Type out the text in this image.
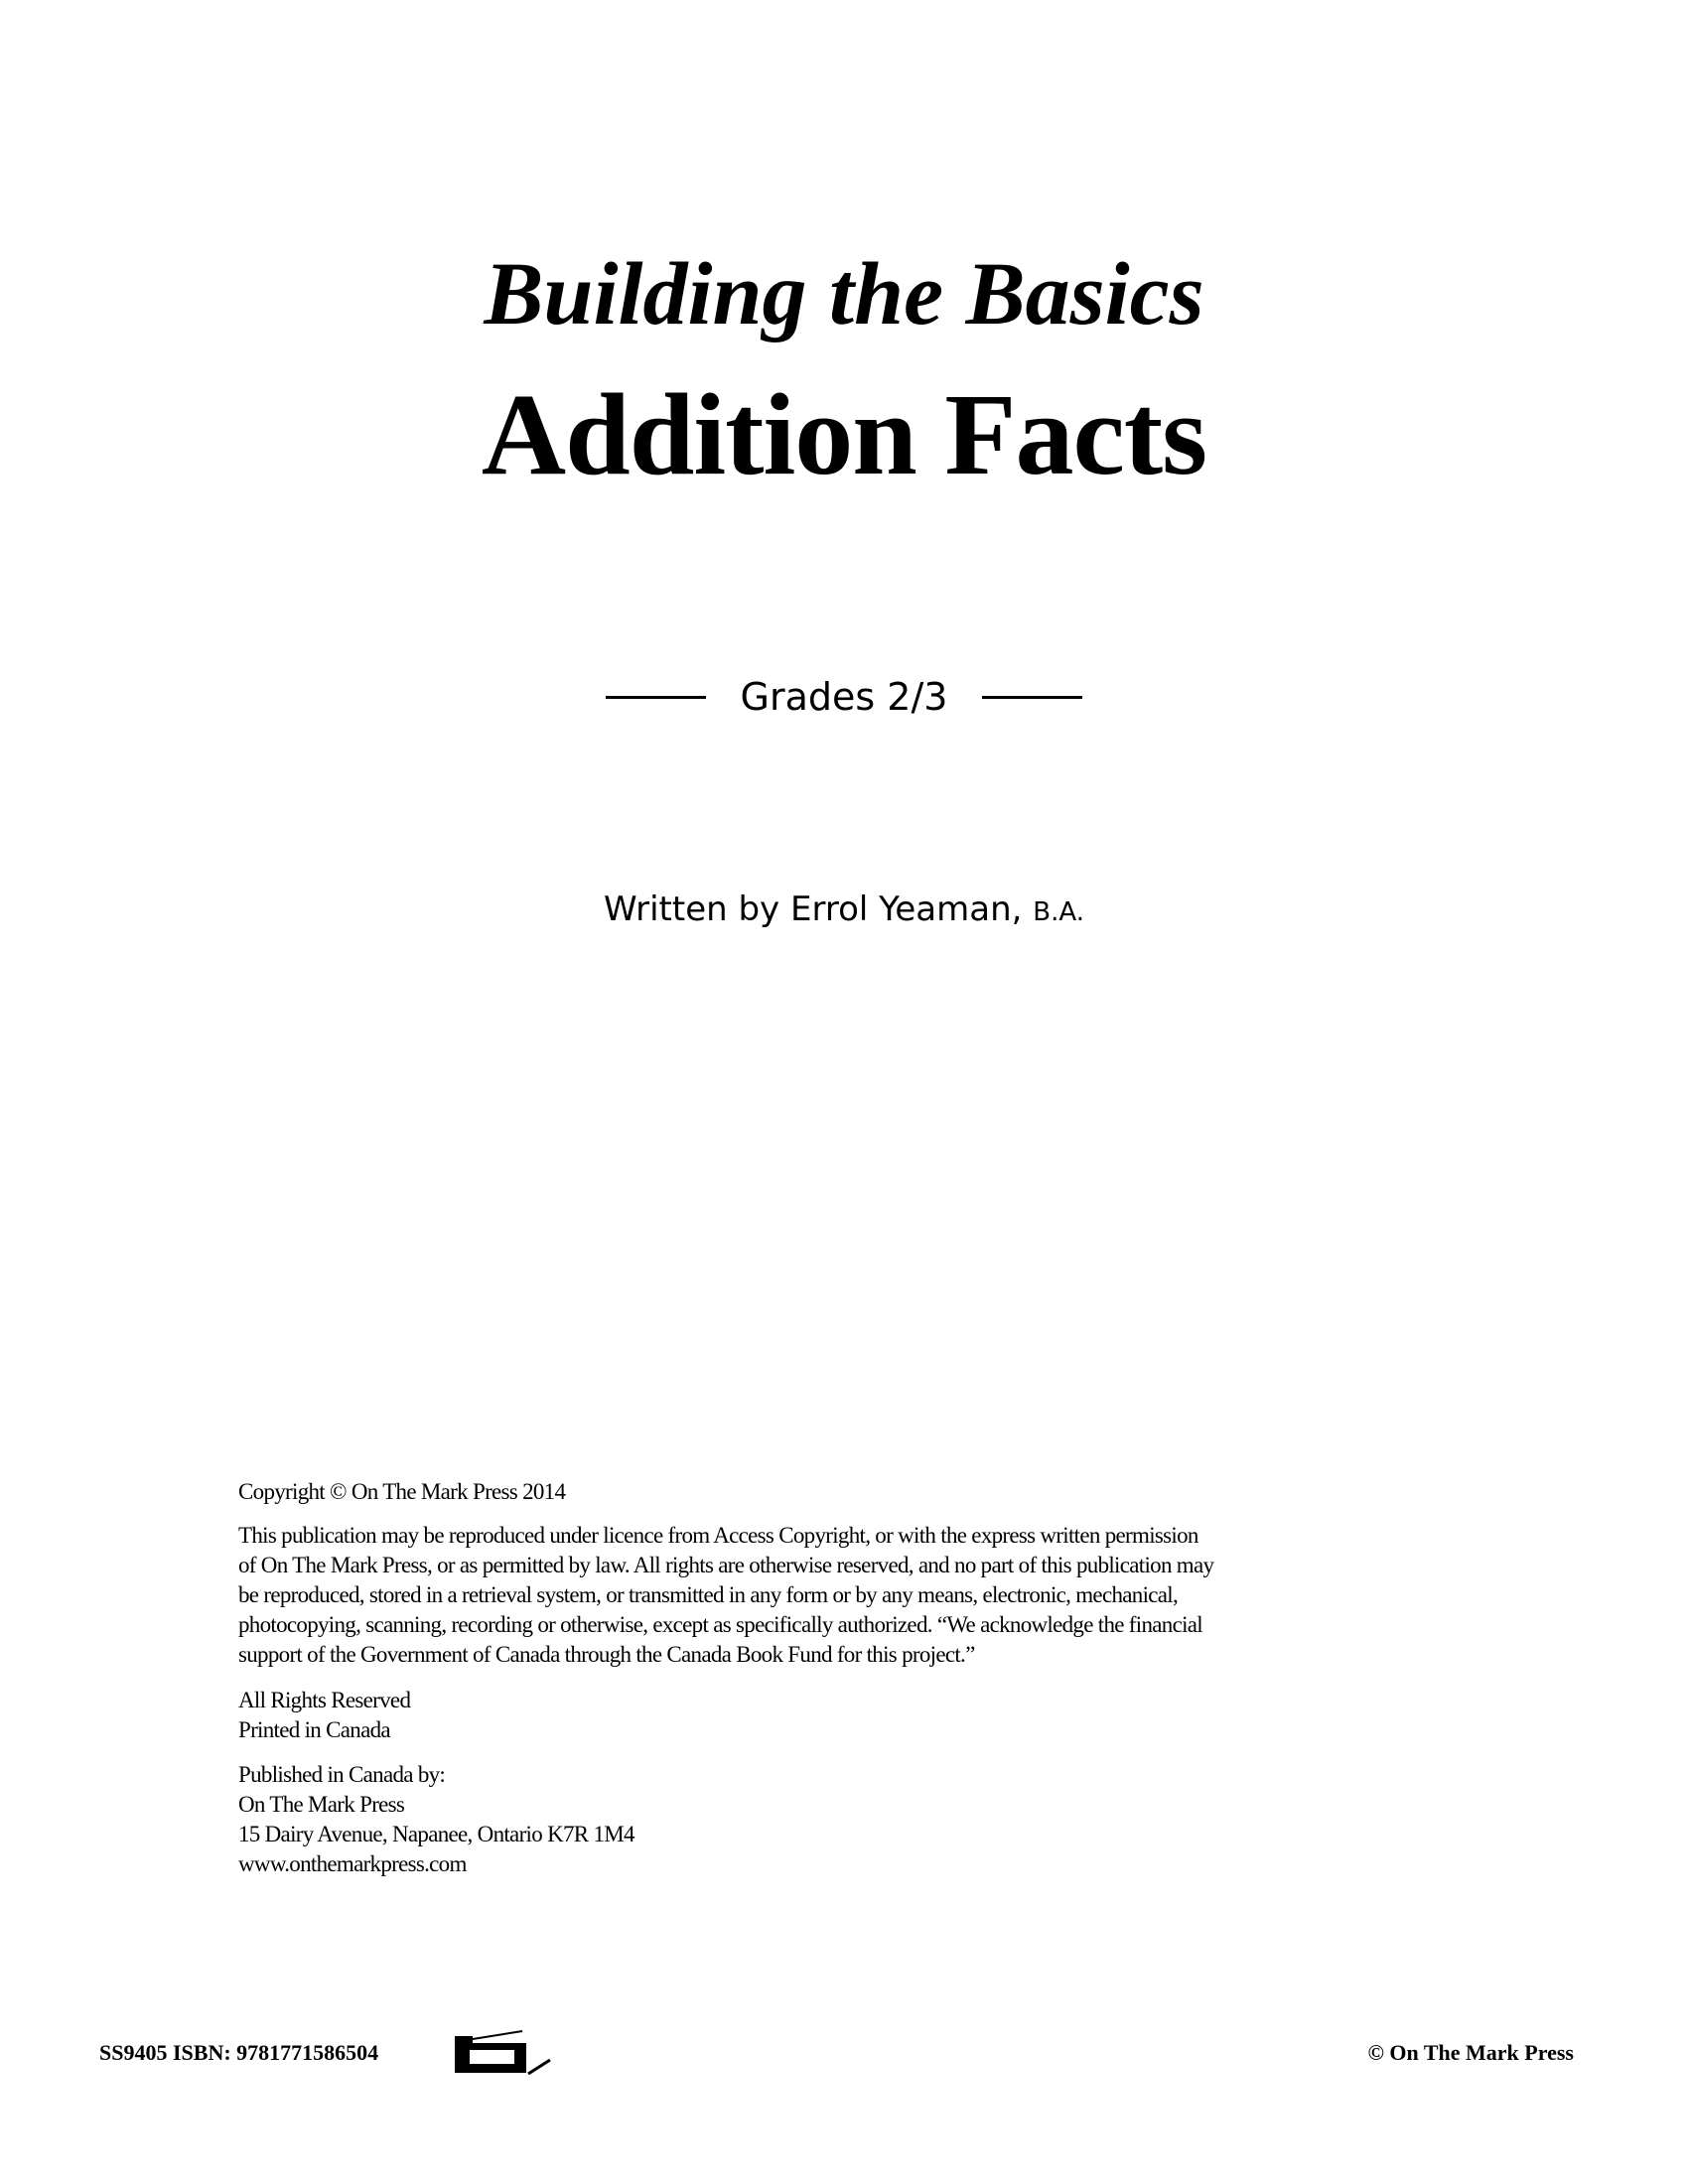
Building the Basics
Addition Facts
Grades 2/3
Written by Errol Yeaman, B.A.
Copyright © On The Mark Press 2014
This publication may be reproduced under licence from Access Copyright, or with the express written permission
of On The Mark Press, or as permitted by law. All rights are otherwise reserved, and no part of this publication may
be reproduced, stored in a retrieval system, or transmitted in any form or by any means, electronic, mechanical,
photocopying, scanning, recording or otherwise, except as specifically authorized. “We acknowledge the financial
support of the Government of Canada through the Canada Book Fund for this project.”
All Rights Reserved
Printed in Canada
Published in Canada by:
On The Mark Press
15 Dairy Avenue, Napanee, Ontario K7R 1M4
www.onthemarkpress.com
SS9405 ISBN: 9781771586504	© On The Mark Press
